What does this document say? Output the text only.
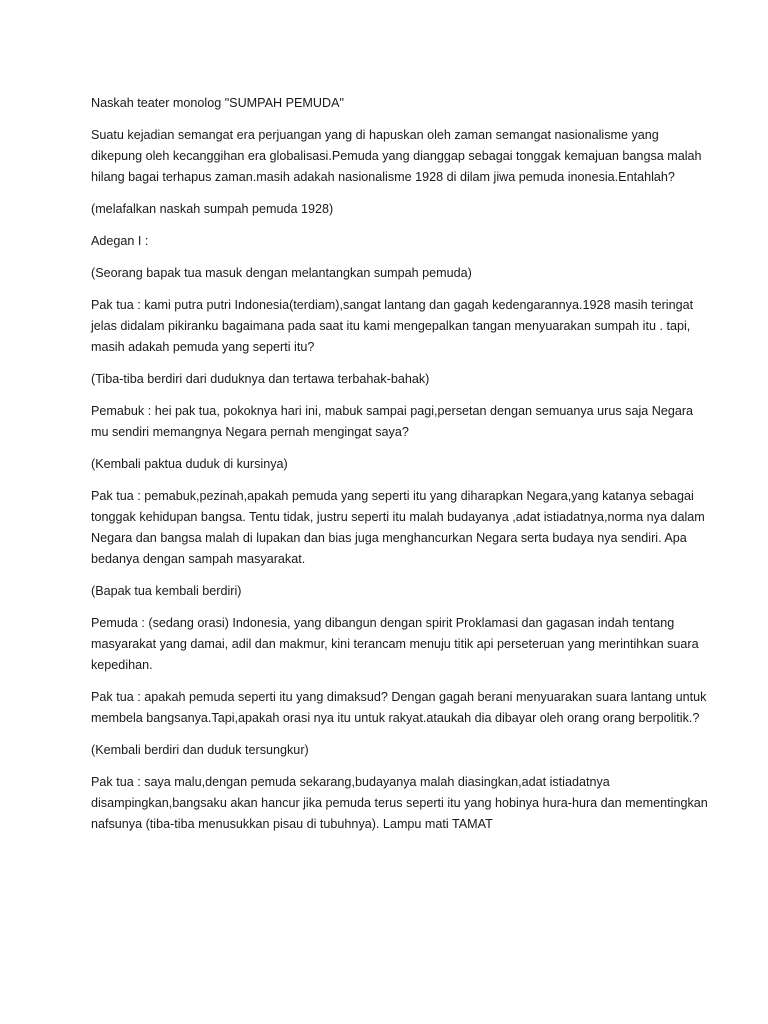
Naskah teater monolog "SUMPAH PEMUDA"

Suatu kejadian semangat era perjuangan yang di hapuskan oleh zaman semangat nasionalisme yang dikepung oleh kecanggihan era globalisasi.Pemuda yang dianggap sebagai tonggak kemajuan bangsa malah hilang bagai terhapus zaman.masih adakah nasionalisme 1928 di dilam jiwa pemuda inonesia.Entahlah?

(melafalkan naskah sumpah pemuda 1928)

Adegan I :

(Seorang bapak tua masuk dengan melantangkan sumpah pemuda)

Pak tua : kami putra putri Indonesia(terdiam),sangat lantang dan gagah kedengarannya.1928 masih teringat jelas didalam pikiranku bagaimana pada saat itu kami mengepalkan tangan menyuarakan sumpah itu . tapi, masih adakah pemuda yang seperti itu?

(Tiba-tiba berdiri dari duduknya dan tertawa terbahak-bahak)

Pemabuk : hei pak tua, pokoknya hari ini, mabuk sampai pagi,persetan dengan semuanya urus saja Negara mu sendiri memangnya Negara pernah mengingat saya?

(Kembali paktua duduk di kursinya)

Pak tua : pemabuk,pezinah,apakah pemuda yang seperti itu yang diharapkan Negara,yang katanya sebagai tonggak kehidupan bangsa. Tentu tidak, justru seperti itu malah budayanya ,adat istiadatnya,norma nya dalam Negara dan bangsa malah di lupakan dan bias juga menghancurkan Negara serta budaya nya sendiri. Apa bedanya dengan sampah masyarakat.

(Bapak tua kembali berdiri)

Pemuda : (sedang orasi) Indonesia, yang dibangun dengan spirit Proklamasi dan gagasan indah tentang masyarakat yang damai, adil dan makmur, kini terancam menuju titik api perseteruan yang merintihkan suara kepedihan.

Pak tua : apakah pemuda seperti itu yang dimaksud? Dengan gagah berani menyuarakan suara lantang untuk membela bangsanya.Tapi,apakah orasi nya itu untuk rakyat.ataukah dia dibayar oleh orang orang berpolitik.?

(Kembali berdiri dan duduk tersungkur)

Pak tua : saya malu,dengan pemuda sekarang,budayanya malah diasingkan,adat istiadatnya disampingkan,bangsaku akan hancur jika pemuda terus seperti itu yang hobinya hura-hura dan mementingkan nafsunya (tiba-tiba menusukkan pisau di tubuhnya). Lampu mati TAMAT
